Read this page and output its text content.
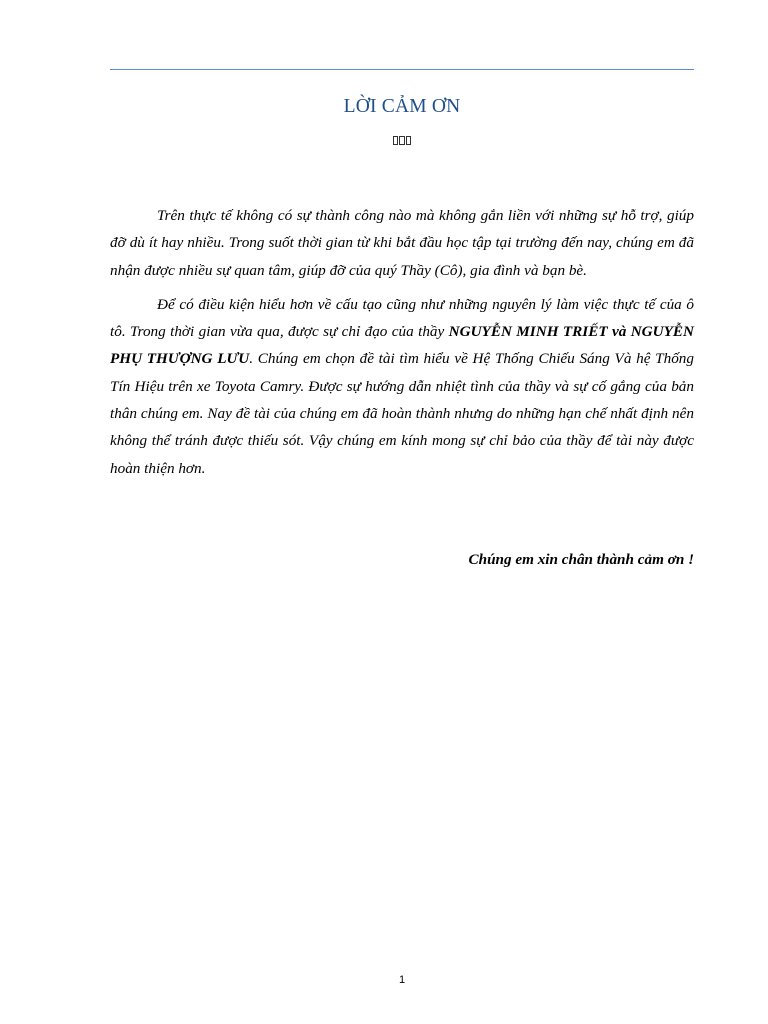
LỜI CẢM ƠN

Trên thực tế không có sự thành công nào mà không gắn liền với những sự hỗ trợ, giúp đỡ dù ít hay nhiều. Trong suốt thời gian từ khi bắt đầu học tập tại trường đến nay, chúng em đã nhận được nhiều sự quan tâm, giúp đỡ của quý Thầy (Cô), gia đình và bạn bè.

Để có điều kiện hiểu hơn về cấu tạo cũng như những nguyên lý làm việc thực tế của ô tô. Trong thời gian vừa qua, được sự chỉ đạo của thầy NGUYỄN MINH TRIẾT và NGUYỄN PHỤ THƯỢNG LƯU. Chúng em chọn đề tài tìm hiểu về Hệ Thống Chiếu Sáng Và hệ Thống Tín Hiệu trên xe Toyota Camry. Được sự hướng dẫn nhiệt tình của thầy và sự cố gắng của bản thân chúng em. Nay đề tài của chúng em đã hoàn thành nhưng do những hạn chế nhất định nên không thể tránh được thiếu sót. Vậy chúng em kính mong sự chỉ bảo của thầy để tài này được hoàn thiện hơn.

Chúng em xin chân thành cảm ơn !
1
